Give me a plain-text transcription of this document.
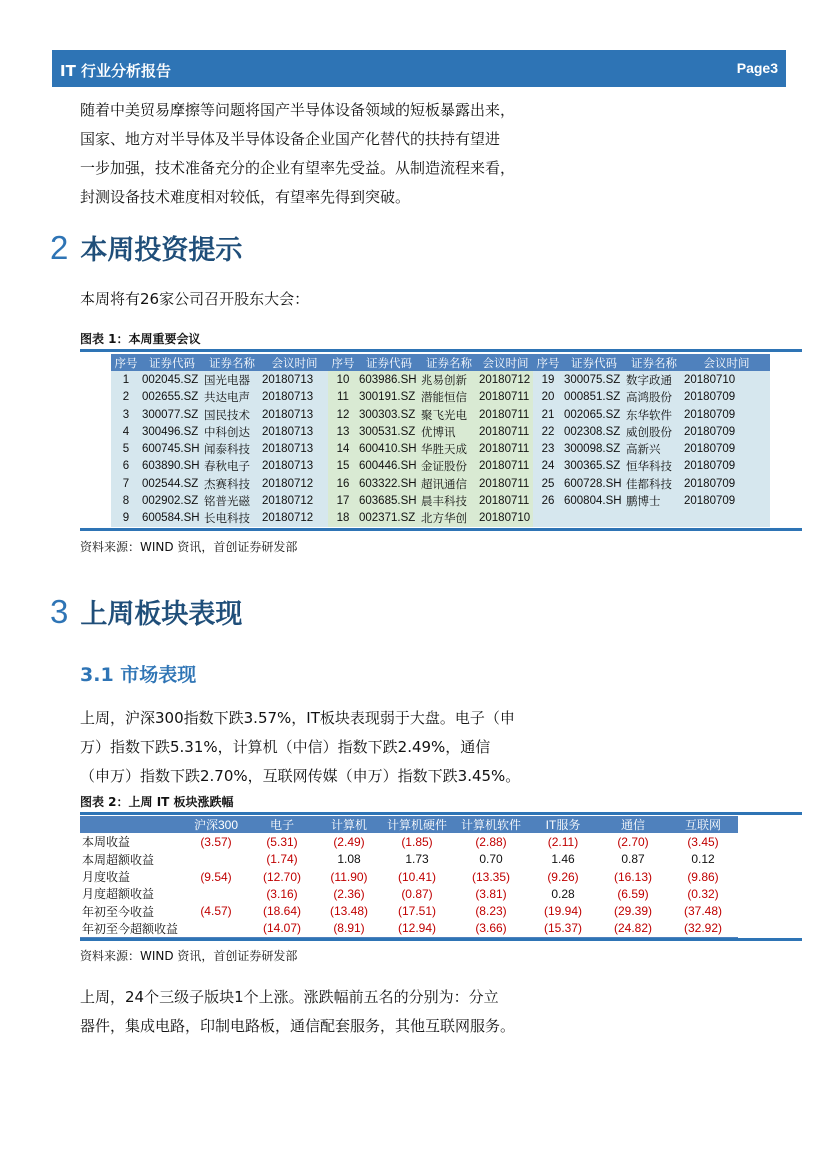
IT 行业分析报告	Page3
随着中美贸易摩擦等问题将国产半导体设备领域的短板暴露出来，
国家、地方对半导体及半导体设备企业国产化替代的扶持有望进
一步加强，技术准备充分的企业有望率先受益。从制造流程来看，
封测设备技术难度相对较低，有望率先得到突破。
2 本周投资提示
本周将有26家公司召开股东大会：
图表 1：本周重要会议
序号	证券代码	证券名称	会议时间	序号	证券代码	证券名称	会议时间	序号	证券代码	证券名称	会议时间
1	002045.SZ	国光电器	20180713	10	603986.SH	兆易创新	20180712	19	300075.SZ	数字政通	20180710
2	002655.SZ	共达电声	20180713	11	300191.SZ	潜能恒信	20180711	20	000851.SZ	高鸿股份	20180709
3	300077.SZ	国民技术	20180713	12	300303.SZ	聚飞光电	20180711	21	002065.SZ	东华软件	20180709
4	300496.SZ	中科创达	20180713	13	300531.SZ	优博讯	20180711	22	002308.SZ	威创股份	20180709
5	600745.SH	闻泰科技	20180713	14	600410.SH	华胜天成	20180711	23	300098.SZ	高新兴	20180709
6	603890.SH	春秋电子	20180713	15	600446.SH	金证股份	20180711	24	300365.SZ	恒华科技	20180709
7	002544.SZ	杰赛科技	20180712	16	603322.SH	超讯通信	20180711	25	600728.SH	佳都科技	20180709
8	002902.SZ	铭普光磁	20180712	17	603685.SH	晨丰科技	20180711	26	600804.SH	鹏博士	20180709
9	600584.SH	长电科技	20180712	18	002371.SZ	北方华创	20180710				
资料来源：WIND 资讯，首创证券研发部
3 上周板块表现
3.1 市场表现
上周，沪深300指数下跌3.57%，IT板块表现弱于大盘。电子（申
万）指数下跌5.31%，计算机（中信）指数下跌2.49%，通信
（申万）指数下跌2.70%，互联网传媒（申万）指数下跌3.45%。
图表 2：上周 IT 板块涨跌幅
	沪深300	电子	计算机	计算机硬件	计算机软件	IT服务	通信	互联网
本周收益	(3.57)	(5.31)	(2.49)	(1.85)	(2.88)	(2.11)	(2.70)	(3.45)
本周超额收益		(1.74)	1.08	1.73	0.70	1.46	0.87	0.12
月度收益	(9.54)	(12.70)	(11.90)	(10.41)	(13.35)	(9.26)	(16.13)	(9.86)
月度超额收益		(3.16)	(2.36)	(0.87)	(3.81)	0.28	(6.59)	(0.32)
年初至今收益	(4.57)	(18.64)	(13.48)	(17.51)	(8.23)	(19.94)	(29.39)	(37.48)
年初至今超额收益		(14.07)	(8.91)	(12.94)	(3.66)	(15.37)	(24.82)	(32.92)
资料来源：WIND 资讯，首创证券研发部
上周，24个三级子版块1个上涨。涨跌幅前五名的分别为：分立
器件，集成电路，印制电路板，通信配套服务，其他互联网服务。
